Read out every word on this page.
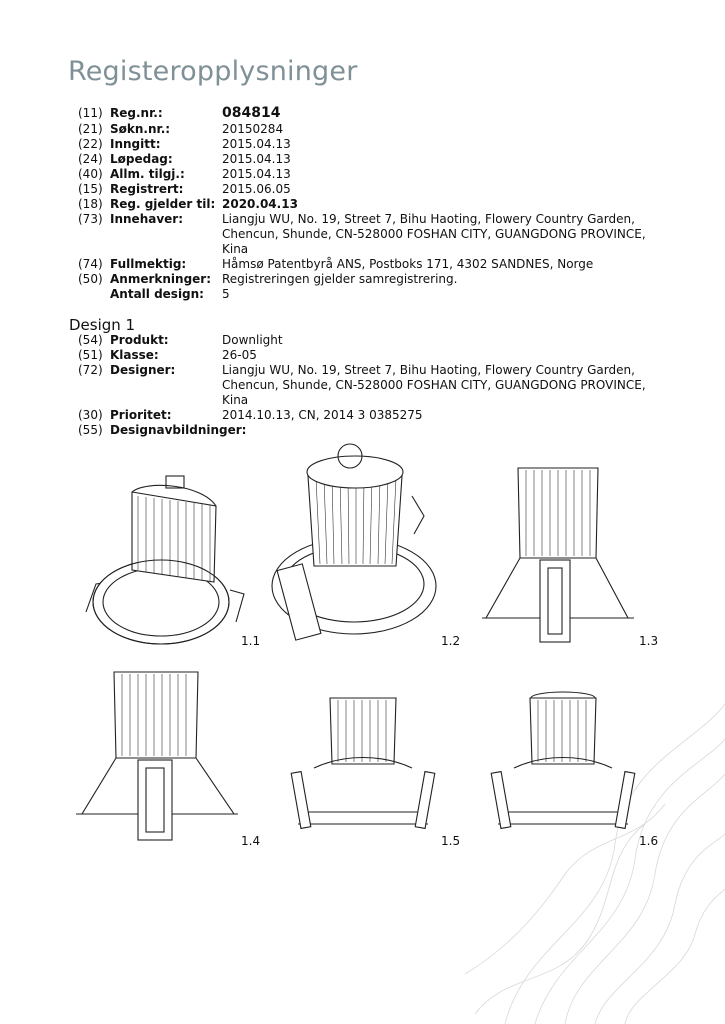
Registeropplysninger
(11) Reg.nr.:	084814
(21) Søkn.nr.:	20150284
(22) Inngitt:	2015.04.13
(24) Løpedag:	2015.04.13
(40) Allm. tilgj.:	2015.04.13
(15) Registrert:	2015.06.05
(18) Reg. gjelder til: 2020.04.13
(73) Innehaver:	Liangju WU, No. 19, Street 7, Bihu Haoting, Flowery Country Garden, Chencun, Shunde, CN-528000 FOSHAN CITY, GUANGDONG PROVINCE, Kina
(74) Fullmektig:	Håmsø Patentbyrå ANS, Postboks 171, 4302 SANDNES, Norge
(50) Anmerkninger: Registreringen gjelder samregistrering.
Antall design:	5
Design 1
(54) Produkt:	Downlight
(51) Klasse:	26-05
(72) Designer:	Liangju WU, No. 19, Street 7, Bihu Haoting, Flowery Country Garden, Chencun, Shunde, CN-528000 FOSHAN CITY, GUANGDONG PROVINCE, Kina
(30) Prioritet:	2014.10.13, CN, 2014 3 0385275
(55) Designavbildninger:
1.1	1.2	1.3
1.4	1.5	1.6
